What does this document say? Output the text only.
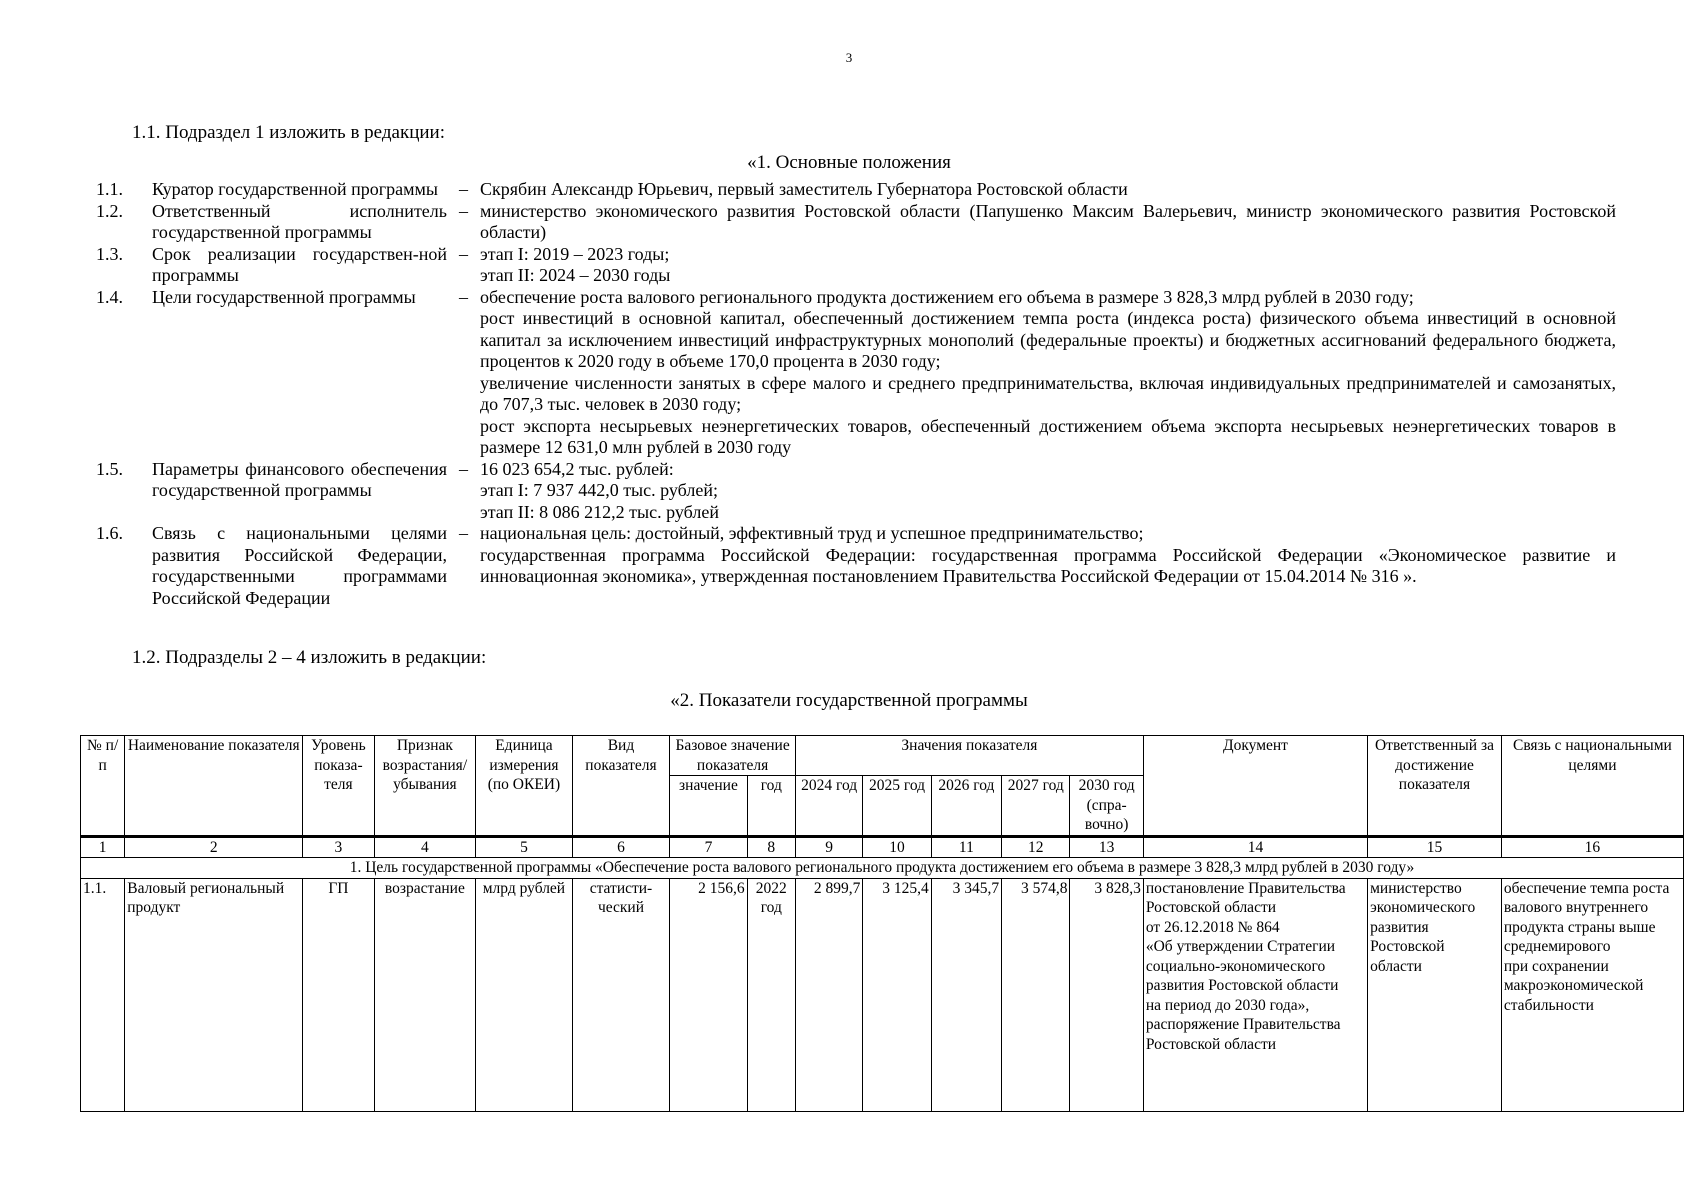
3
1.1. Подраздел 1 изложить в редакции:
«1. Основные положения
1.1.	Куратор государственной программы	–	Скрябин Александр Юрьевич, первый заместитель Губернатора Ростовской области

1.2.	Ответственный исполнитель государственной программы	–	министерство экономического развития Ростовской области (Папушенко Максим Валерьевич, министр экономического развития Ростовской области)

1.3.	Срок реализации государствен-ной программы	–	этап I: 2019 – 2023 годы;
этап II: 2024 – 2030 годы

1.4.	Цели государственной программы	–	обеспечение роста валового регионального продукта достижением его объема в размере 3 828,3 млрд рублей в 2030 году;
рост инвестиций в основной капитал, обеспеченный достижением темпа роста (индекса роста) физического объема инвестиций в основной капитал за исключением инвестиций инфраструктурных монополий (федеральные проекты) и бюджетных ассигнований федерального бюджета, процентов к 2020 году в объеме 170,0 процента в 2030 году;
увеличение численности занятых в сфере малого и среднего предпринимательства, включая индивидуальных предпринимателей и самозанятых, до 707,3 тыс. человек в 2030 году;
рост экспорта несырьевых неэнергетических товаров, обеспеченный достижением объема экспорта несырьевых неэнергетических товаров в размере 12 631,0 млн рублей в 2030 году

1.5.	Параметры финансового обеспечения государственной программы	–	16 023 654,2 тыс. рублей:
этап I: 7 937 442,0 тыс. рублей;
этап II: 8 086 212,2 тыс. рублей

1.6.	Связь с национальными целями развития Российской Федерации, государственными программами Российской Федерации	–	национальная цель: достойный, эффективный труд и успешное предпринимательство;
государственная программа Российской Федерации: государственная программа Российской Федерации «Экономическое развитие и инновационная экономика», утвержденная постановлением Правительства Российской Федерации от 15.04.2014 № 316 ».
1.2. Подразделы 2 – 4 изложить в редакции:
«2. Показатели государственной программы
№ п/п	Наименование показателя	Уровень показа-теля	Признак возрастания/ убывания	Единица измерения (по ОКЕИ)	Вид показателя	Базовое значение показателя		Значения показателя					Документ	Ответственный за достижение показателя	Связь с национальными целями
						значение	год	2024 год	2025 год	2026 год	2027 год	2030 год (спра-вочно)			
1	2	3	4	5	6	7	8	9	10	11	12	13	14	15	16
1. Цель государственной программы «Обеспечение роста валового регионального продукта достижением его объема в размере 3 828,3 млрд рублей в 2030 году»															
1.1.	Валовый региональный продукт	ГП	возрастание	млрд рублей	статисти-ческий	2 156,6	2022 год	2 899,7	3 125,4	3 345,7	3 574,8	3 828,3	постановление Правительства Ростовской области
от 26.12.2018 № 864
«Об утверждении Стратегии социально-экономического развития Ростовской области
на период до 2030 года»,
распоряжение Правительства Ростовской области	министерство экономического развития Ростовской области	обеспечение темпа роста валового внутреннего продукта страны выше среднемирового
при сохранении макроэкономической стабильности
